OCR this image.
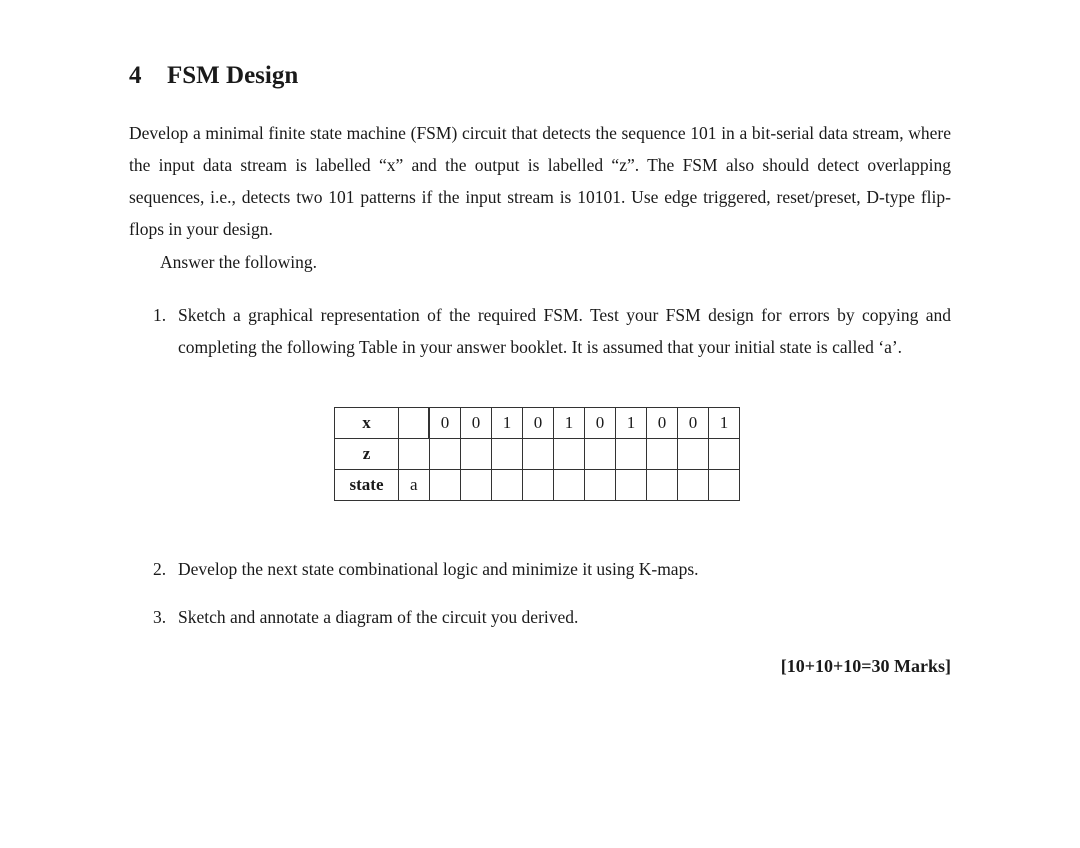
4 FSM Design

Develop a minimal finite state machine (FSM) circuit that detects the sequence 101 in a bit-serial data stream, where the input data stream is labelled “x” and the output is labelled “z”. The FSM also should detect overlapping sequences, i.e., detects two 101 patterns if the input stream is 10101. Use edge triggered, reset/preset, D-type flip-flops in your design.

Answer the following.
1. Sketch a graphical representation of the required FSM. Test your FSM design for errors by copying and completing the following Table in your answer booklet. It is assumed that your initial state is called ‘a’.
x		0	0	1	0	1	0	1	0	0	1
z											
state	a										
2. Develop the next state combinational logic and minimize it using K-maps.
3. Sketch and annotate a diagram of the circuit you derived.
[10+10+10=30 Marks]
